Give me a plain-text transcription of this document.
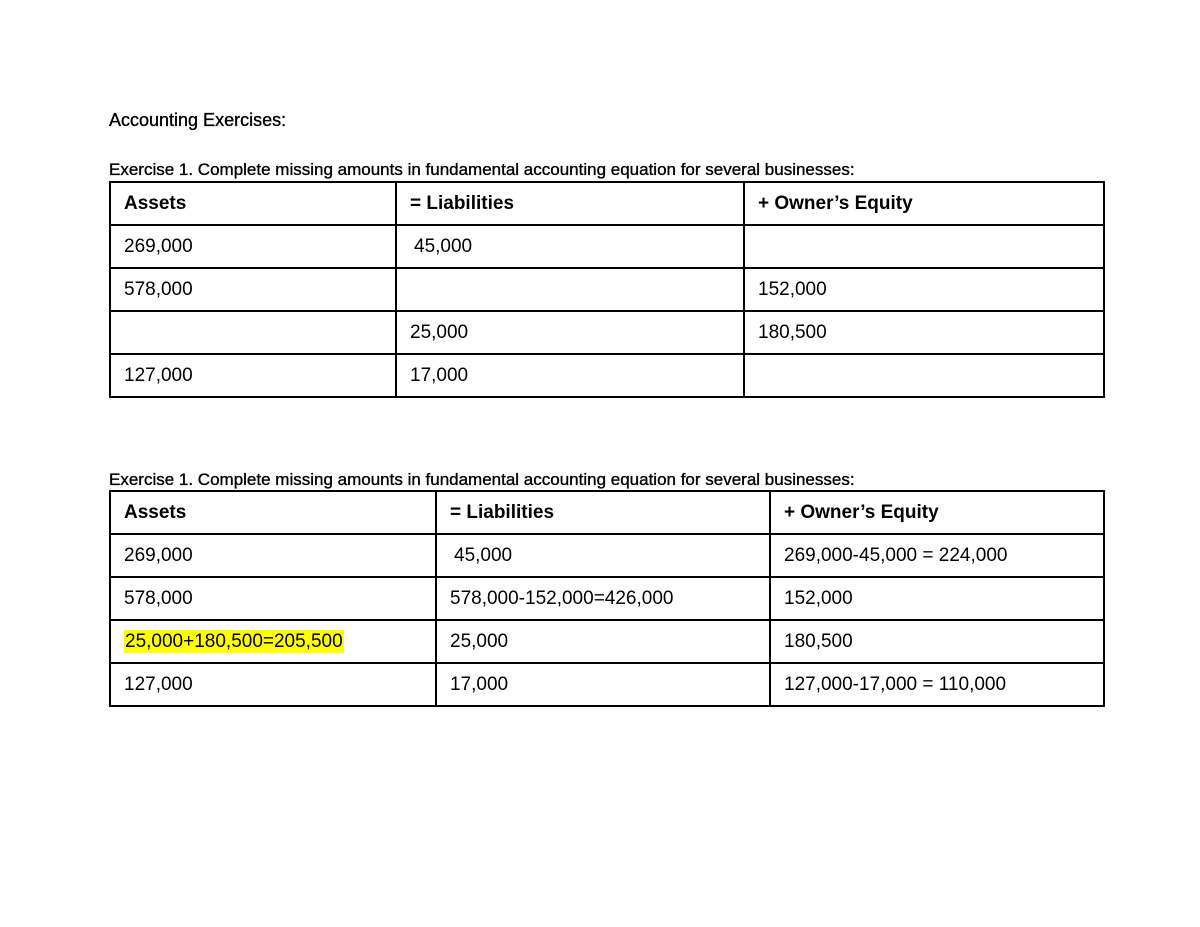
Accounting Exercises:

Exercise 1. Complete missing amounts in fundamental accounting equation for several businesses:

Assets	= Liabilities	+ Owner’s Equity
269,000	45,000	
578,000		152,000
	25,000	180,500
127,000	17,000	

Exercise 1. Complete missing amounts in fundamental accounting equation for several businesses:

Assets	= Liabilities	+ Owner’s Equity
269,000	45,000	269,000-45,000 = 224,000
578,000	578,000-152,000=426,000	152,000
25,000+180,500=205,500	25,000	180,500
127,000	17,000	127,000-17,000 = 110,000
